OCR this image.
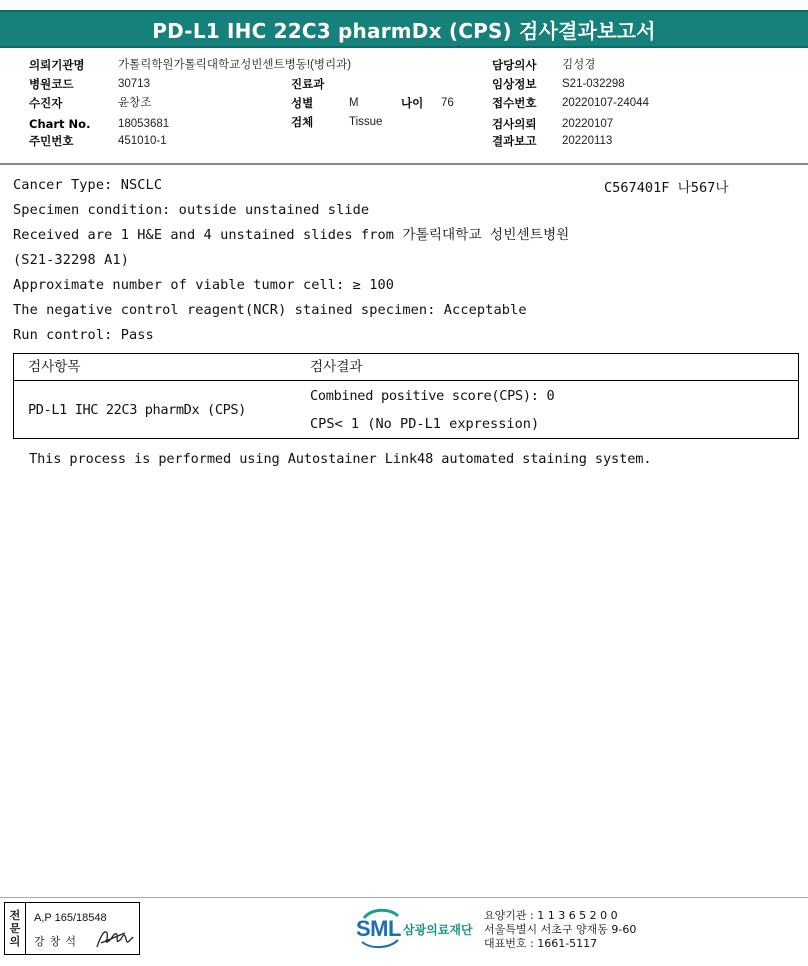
PD-L1 IHC 22C3 pharmDx (CPS) 검사결과보고서
의뢰기관명	가톨릭학원가톨릭대학교성빈센트병동!(병리과)
병원코드	30713
수진자	윤창조
Chart No. 18053681
주민번호	451010-1
진료과
성별	M	나이 76
검체	Tissue
담당의사 김성경
임상정보 S21-032298
접수번호 20220107-24044
검사의뢰 20220107
결과보고 20220113
C567401F 나567나
Cancer Type: NSCLC
Specimen condition: outside unstained slide
Received are 1 H&E and 4 unstained slides from 가톨릭대학교 성빈센트병원
(S21-32298 A1)
Approximate number of viable tumor cell: ≥ 100
The negative control reagent(NCR) stained specimen: Acceptable
Run control: Pass
검사항목	검사결과
PD-L1 IHC 22C3 pharmDx (CPS)
Combined positive score(CPS): 0
CPS< 1 (No PD-L1 expression)
This process is performed using Autostainer Link48 automated staining system.
전
문
의
A,P 165/18548
강 창 석
SML 삼광의료재단
요양기관 : 1 1 3 6 5 2 0 0
서울특별시 서초구 양재동 9-60
대표번호 : 1661-5117
